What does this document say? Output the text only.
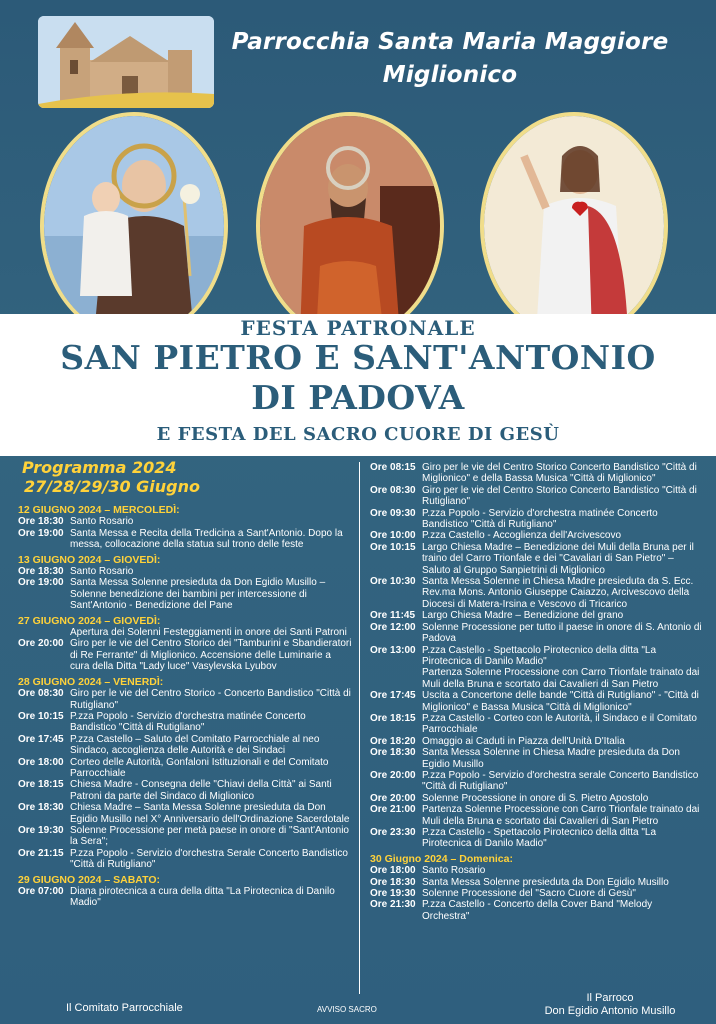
Parrocchia Santa Maria Maggiore
Miglionico
FESTA PATRONALE
SAN PIETRO E SANT'ANTONIO
DI PADOVA
E FESTA DEL SACRO CUORE DI GESÙ
Programma 2024
27/28/29/30 Giugno
12 GIUGNO 2024 – MERCOLEDÌ:
Ore 18:30 Santo Rosario
Ore 19:00 Santa Messa e Recita della Tredicina a Sant'Antonio. Dopo la messa, collocazione della statua sul trono delle feste
13 GIUGNO 2024 – GIOVEDÌ:
Ore 18:30 Santo Rosario
Ore 19:00 Santa Messa Solenne presieduta da Don Egidio Musillo – Solenne benedizione dei bambini per intercessione di Sant'Antonio - Benedizione del Pane
27 GIUGNO 2024 – GIOVEDÌ:
Apertura dei Solenni Festeggiamenti in onore dei Santi Patroni
Ore 20:00 Giro per le vie del Centro Storico dei "Tamburini e Sbandieratori di Re Ferrante" di Miglionico. Accensione delle Luminarie a cura della Ditta "Lady luce" Vasylevska Lyubov
28 GIUGNO 2024 – VENERDÌ:
Ore 08:30 Giro per le vie del Centro Storico - Concerto Bandistico "Città di Rutigliano"
Ore 10:15 P.zza Popolo - Servizio d'orchestra matinée Concerto Bandistico "Città di Rutigliano"
Ore 17:45 P.zza Castello – Saluto del Comitato Parrocchiale al neo Sindaco, accoglienza delle Autorità e dei Sindaci
Ore 18:00 Corteo delle Autorità, Gonfaloni Istituzionali e del Comitato Parrocchiale
Ore 18:15 Chiesa Madre - Consegna delle "Chiavi della Città" ai Santi Patroni da parte del Sindaco di Miglionico
Ore 18:30 Chiesa Madre – Santa Messa Solenne presieduta da Don Egidio Musillo nel X° Anniversario dell'Ordinazione Sacerdotale
Ore 19:30 Solenne Processione per metà paese in onore di "Sant'Antonio la Sera";
Ore 21:15 P.zza Popolo - Servizio d'orchestra Serale Concerto Bandistico "Città di Rutigliano"
29 GIUGNO 2024 – SABATO:
Ore 07:00 Diana pirotecnica a cura della ditta "La Pirotecnica di Danilo Madio"
Ore 08:15 Giro per le vie del Centro Storico Concerto Bandistico "Città di Miglionico" e della Bassa Musica "Città di Miglionico"
Ore 08:30 Giro per le vie del Centro Storico Concerto Bandistico "Città di Rutigliano"
Ore 09:30 P.zza Popolo - Servizio d'orchestra matinée Concerto Bandistico "Città di Rutigliano"
Ore 10:00 P.zza Castello - Accoglienza dell'Arcivescovo
Ore 10:15 Largo Chiesa Madre – Benedizione dei Muli della Bruna per il traino del Carro Trionfale e dei "Cavaliari di San Pietro" – Saluto al Gruppo Sanpietrini di Miglionico
Ore 10:30 Santa Messa Solenne in Chiesa Madre presieduta da S. Ecc. Rev.ma Mons. Antonio Giuseppe Caiazzo, Arcivescovo della Diocesi di Matera-Irsina e Vescovo di Tricarico
Ore 11:45 Largo Chiesa Madre – Benedizione del grano
Ore 12:00 Solenne Processione per tutto il paese in onore di S. Antonio di Padova
Ore 13:00 P.zza Castello - Spettacolo Pirotecnico della ditta "La Pirotecnica di Danilo Madio"
Partenza Solenne Processione con Carro Trionfale trainato dai Muli della Bruna e scortato dai Cavalieri di San Pietro
Ore 17:45 Uscita a Concertone delle bande "Città di Rutigliano" - "Città di Miglionico" e Bassa Musica "Città di Miglionico"
Ore 18:15 P.zza Castello - Corteo con le Autorità, il Sindaco e il Comitato Parrocchiale
Ore 18:20 Omaggio ai Caduti in Piazza dell'Unità D'Italia
Ore 18:30 Santa Messa Solenne in Chiesa Madre presieduta da Don Egidio Musillo
Ore 20:00 P.zza Popolo - Servizio d'orchestra serale Concerto Bandistico "Città di Rutigliano"
Ore 20:00 Solenne Processione in onore di S. Pietro Apostolo
Ore 21:00 Partenza Solenne Processione con Carro Trionfale trainato dai Muli della Bruna e scortato dai Cavalieri di San Pietro
Ore 23:30 P.zza Castello - Spettacolo Pirotecnico della ditta "La Pirotecnica di Danilo Madio"
30 Giugno 2024 – Domenica:
Ore 18:00 Santo Rosario
Ore 18:30 Santa Messa Solenne presieduta da Don Egidio Musillo
Ore 19:30 Solenne Processione del "Sacro Cuore di Gesù"
Ore 21:30 P.zza Castello - Concerto della Cover Band "Melody Orchestra"
Il Comitato Parrocchiale	AVVISO SACRO
Il Parroco
Don Egidio Antonio Musillo
